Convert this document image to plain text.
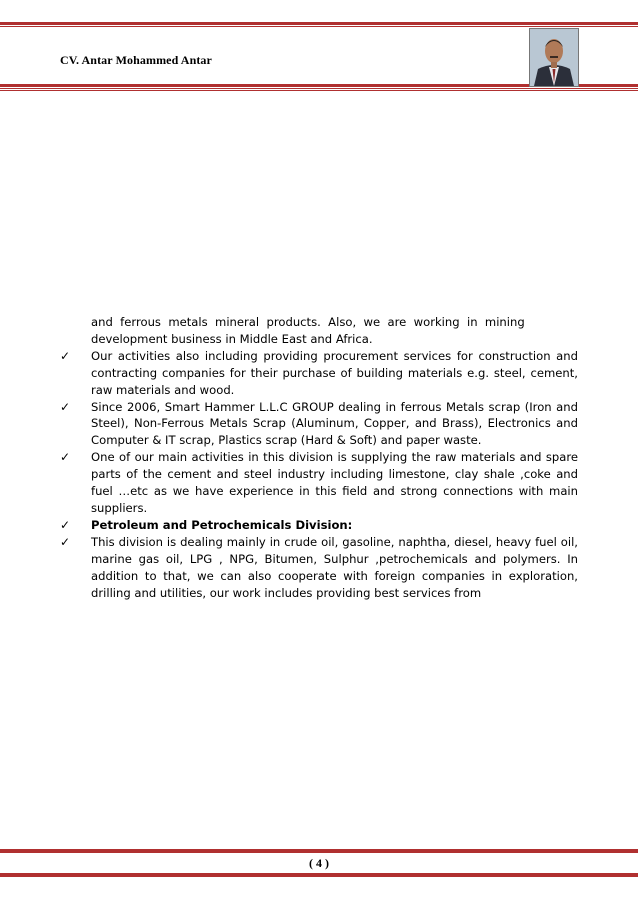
CV. Antar Mohammed Antar
and  ferrous  metals  mineral  products.  Also,  we  are  working  in  mining
development business in Middle East and Africa.
✓	Our activities also including providing procurement services for construction and contracting companies for their purchase of building materials e.g. steel, cement, raw materials and wood.
✓	Since 2006, Smart Hammer L.L.C GROUP dealing in ferrous Metals scrap (Iron and Steel), Non-Ferrous Metals Scrap (Aluminum, Copper, and Brass), Electronics and Computer & IT scrap, Plastics scrap (Hard & Soft) and paper waste.
✓	One of our main activities in this division is supplying the raw materials and spare parts of the cement and steel industry including limestone, clay shale ,coke and fuel …etc as we have experience in this field and strong connections with main suppliers.
✓	Petroleum and Petrochemicals Division:
✓	This division is dealing mainly in crude oil, gasoline, naphtha, diesel, heavy fuel oil, marine gas oil, LPG , NPG, Bitumen, Sulphur ,petrochemicals and polymers. In addition to that, we can also cooperate with foreign companies in exploration, drilling and utilities, our work includes providing best services from
( 4 )
